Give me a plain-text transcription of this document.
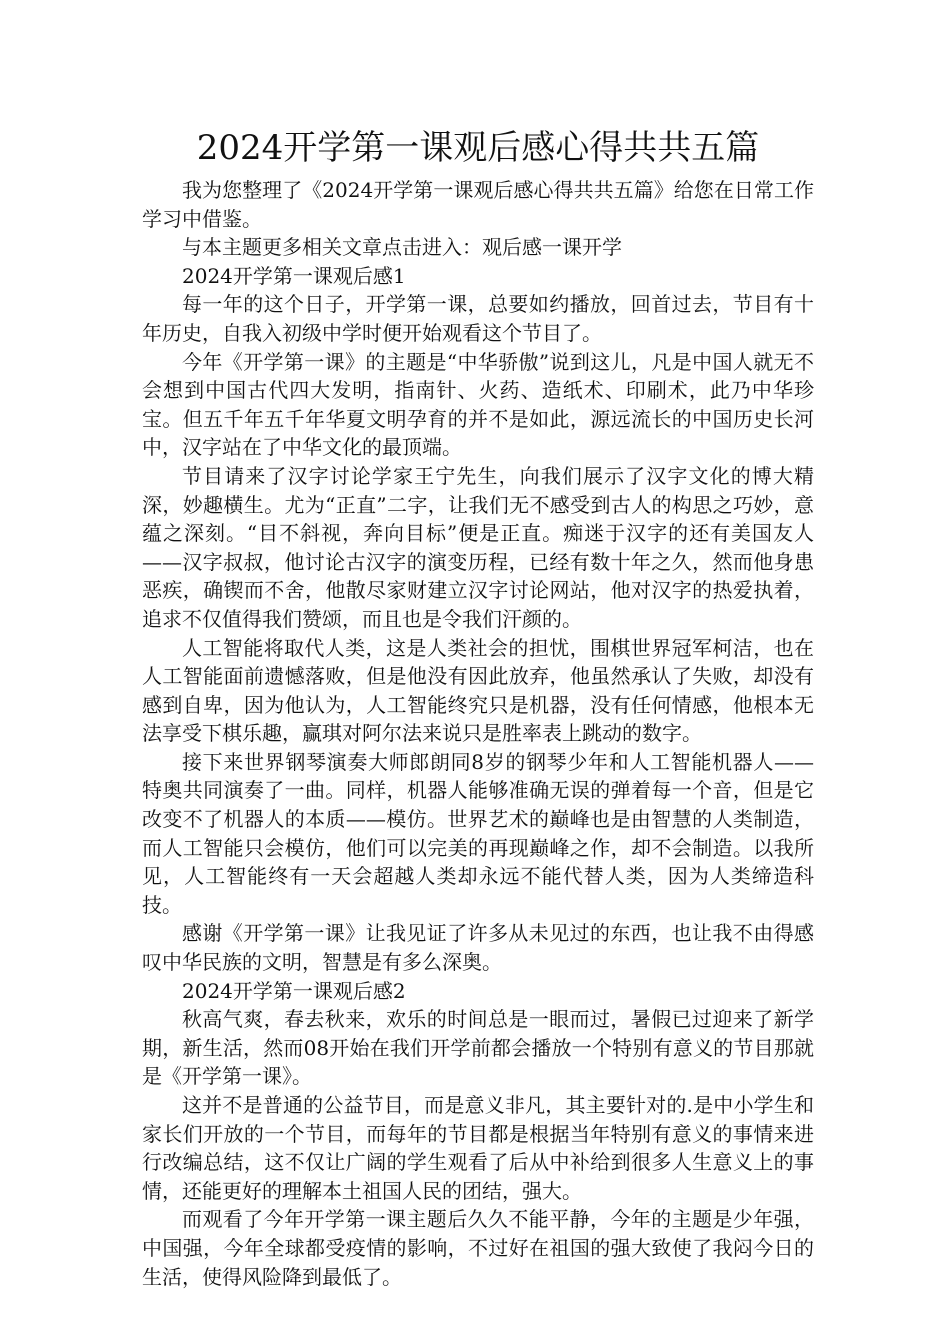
2024开学第一课观后感心得共共五篇

我为您整理了《2024开学第一课观后感心得共共五篇》给您在日常工作学习中借鉴。

与本主题更多相关文章点击进入：观后感一课开学

2024开学第一课观后感1

每一年的这个日子，开学第一课，总要如约播放，回首过去，节目有十年历史，自我入初级中学时便开始观看这个节目了。

今年《开学第一课》的主题是“中华骄傲”说到这儿，凡是中国人就无不会想到中国古代四大发明，指南针、火药、造纸术、印刷术，此乃中华珍宝。但五千年五千年华夏文明孕育的并不是如此，源远流长的中国历史长河中，汉字站在了中华文化的最顶端。

节目请来了汉字讨论学家王宁先生，向我们展示了汉字文化的博大精深，妙趣横生。尤为“正直”二字，让我们无不感受到古人的构思之巧妙，意蕴之深刻。“目不斜视，奔向目标”便是正直。痴迷于汉字的还有美国友人——汉字叔叔，他讨论古汉字的演变历程，已经有数十年之久，然而他身患恶疾，确锲而不舍，他散尽家财建立汉字讨论网站，他对汉字的热爱执着，追求不仅值得我们赞颂，而且也是令我们汗颜的。

人工智能将取代人类，这是人类社会的担忧，围棋世界冠军柯洁，也在人工智能面前遗憾落败，但是他没有因此放弃，他虽然承认了失败，却没有感到自卑，因为他认为，人工智能终究只是机器，没有任何情感，他根本无法享受下棋乐趣，赢琪对阿尔法来说只是胜率表上跳动的数字。

接下来世界钢琴演奏大师郎朗同8岁的钢琴少年和人工智能机器人——特奥共同演奏了一曲。同样，机器人能够准确无误的弹着每一个音，但是它改变不了机器人的本质——模仿。世界艺术的巅峰也是由智慧的人类制造，而人工智能只会模仿，他们可以完美的再现巅峰之作，却不会制造。以我所见，人工智能终有一天会超越人类却永远不能代替人类，因为人类缔造科技。

感谢《开学第一课》让我见证了许多从未见过的东西，也让我不由得感叹中华民族的文明，智慧是有多么深奥。

2024开学第一课观后感2

秋高气爽，春去秋来，欢乐的时间总是一眼而过，暑假已过迎来了新学期，新生活，然而08开始在我们开学前都会播放一个特别有意义的节目那就是《开学第一课》。

这并不是普通的公益节目，而是意义非凡，其主要针对的.是中小学生和家长们开放的一个节目，而每年的节目都是根据当年特别有意义的事情来进行改编总结，这不仅让广阔的学生观看了后从中补给到很多人生意义上的事情，还能更好的理解本土祖国人民的团结，强大。

而观看了今年开学第一课主题后久久不能平静，今年的主题是少年强，中国强，今年全球都受疫情的影响，不过好在祖国的强大致使了我闷今日的生活，使得风险降到最低了。
